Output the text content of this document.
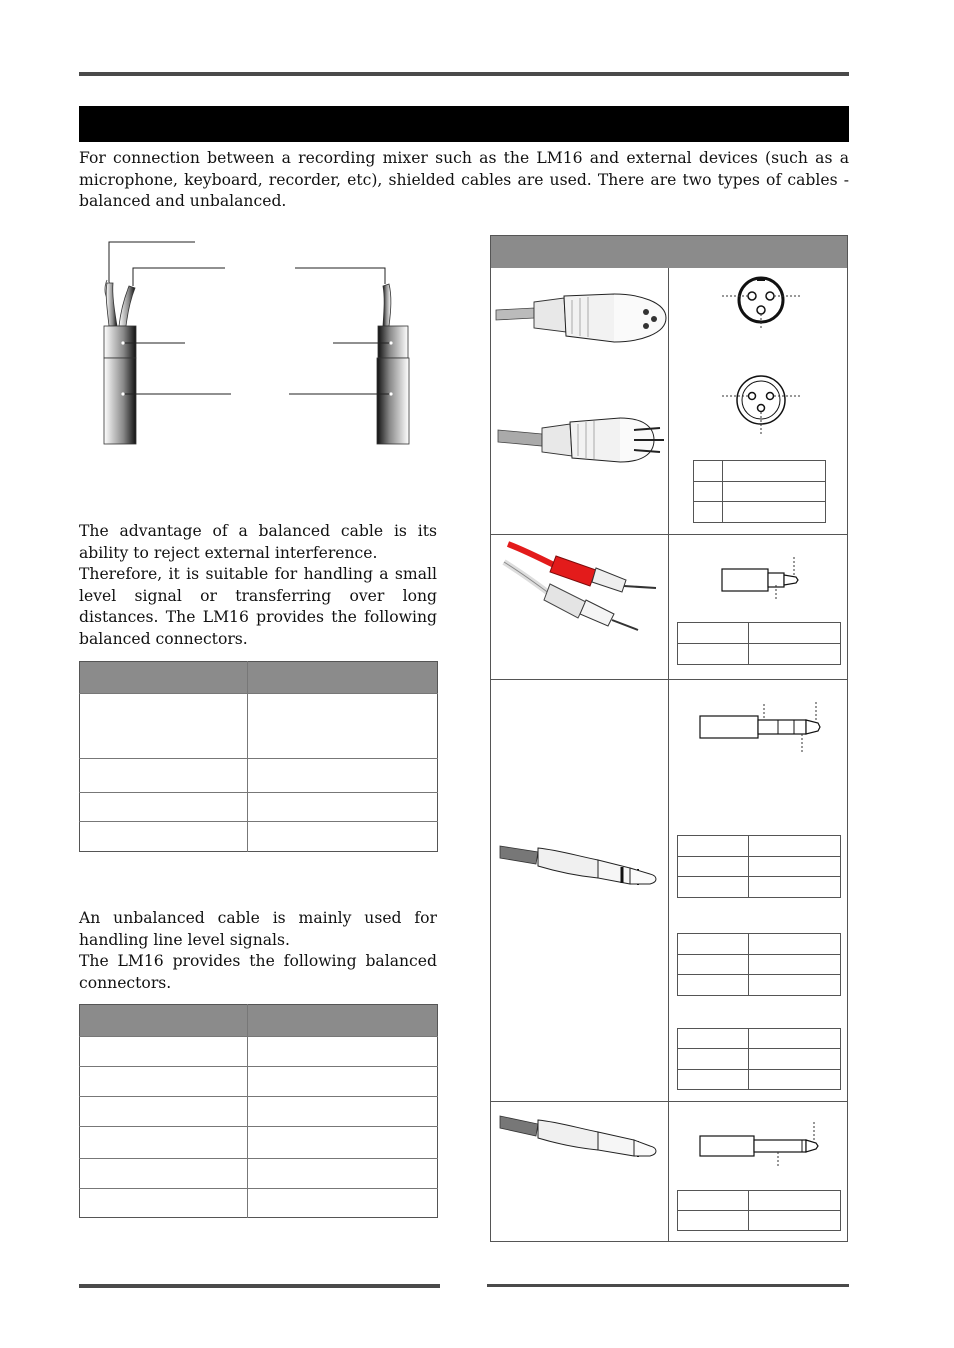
For connection between a recording mixer such as the LM16 and external devices (such as a microphone, keyboard, recorder, etc), shielded cables are used. There are two types of cables - balanced and unbalanced.

The advantage of a balanced cable is its ability to reject external interference.

Therefore, it is suitable for handling a small level signal or transferring over long distances. The LM16 provides the following balanced connectors.

An unbalanced cable is mainly used for handling line level signals.

The LM16 provides the following balanced connectors.
